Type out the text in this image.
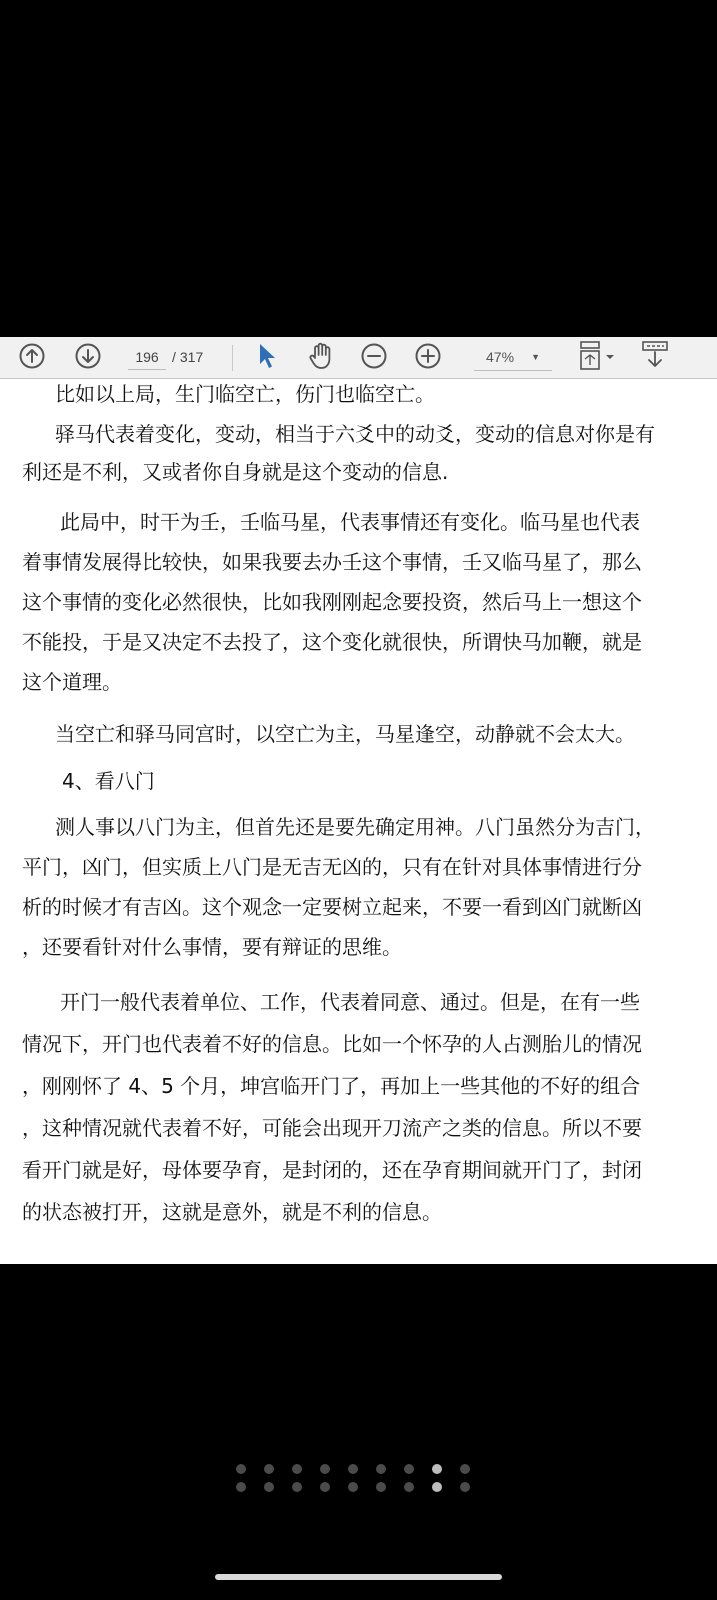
196
/ 317	47% ▼
比如以上局，生门临空亡，伤门也临空亡。
驿马代表着变化，变动，相当于六爻中的动爻，变动的信息对你是有
利还是不利，又或者你自身就是这个变动的信息.
此局中，时干为壬，壬临马星，代表事情还有变化。临马星也代表
着事情发展得比较快，如果我要去办壬这个事情，壬又临马星了，那么
这个事情的变化必然很快，比如我刚刚起念要投资，然后马上一想这个
不能投，于是又决定不去投了，这个变化就很快，所谓快马加鞭，就是
这个道理。
当空亡和驿马同宫时，以空亡为主，马星逢空，动静就不会太大。
4、看八门
测人事以八门为主，但首先还是要先确定用神。八门虽然分为吉门，
平门，凶门，但实质上八门是无吉无凶的，只有在针对具体事情进行分
析的时候才有吉凶。这个观念一定要树立起来，不要一看到凶门就断凶
，还要看针对什么事情，要有辩证的思维。
开门一般代表着单位、工作，代表着同意、通过。但是，在有一些
情况下，开门也代表着不好的信息。比如一个怀孕的人占测胎儿的情况
，刚刚怀了 4、5 个月，坤宫临开门了，再加上一些其他的不好的组合
，这种情况就代表着不好，可能会出现开刀流产之类的信息。所以不要
看开门就是好，母体要孕育，是封闭的，还在孕育期间就开门了，封闭
的状态被打开，这就是意外，就是不利的信息。
